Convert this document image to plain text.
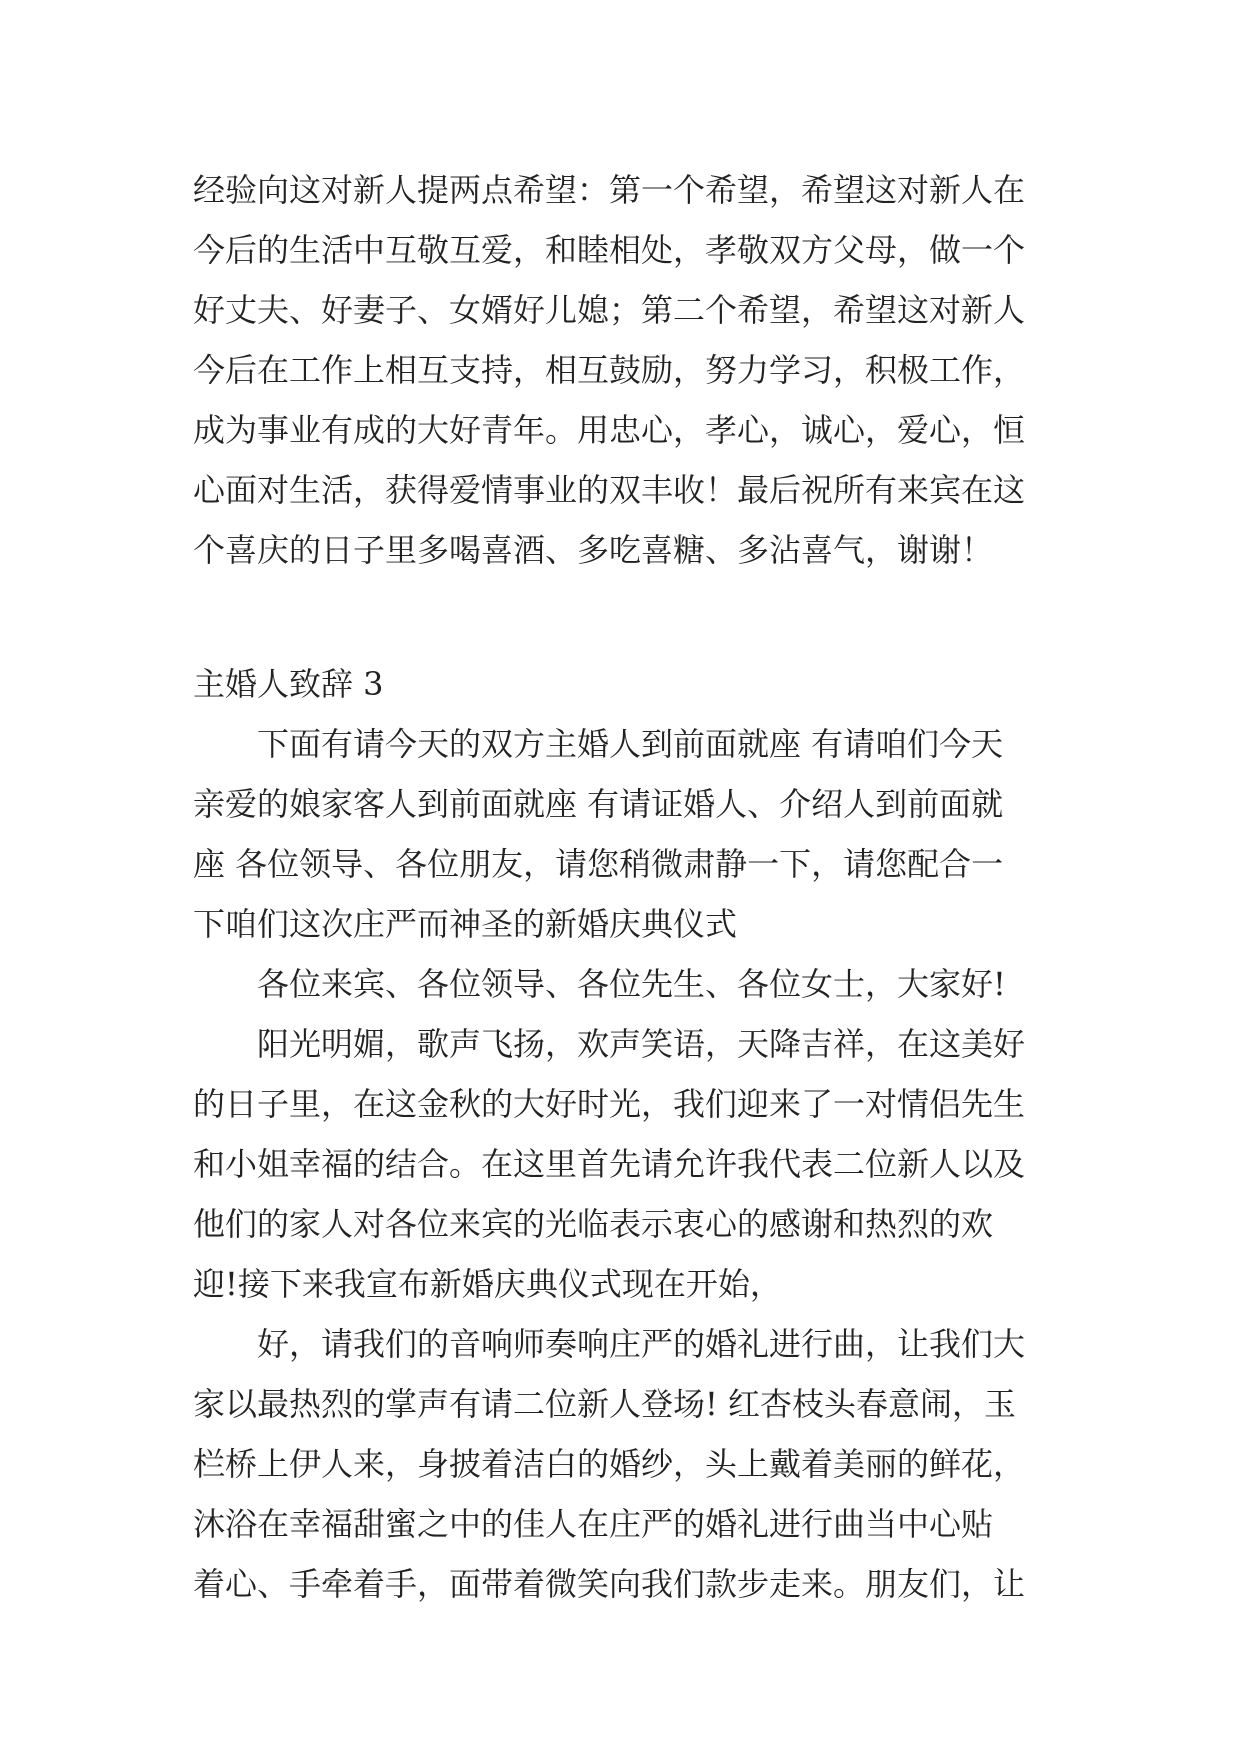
经验向这对新人提两点希望：第一个希望，希望这对新人在

今后的生活中互敬互爱，和睦相处，孝敬双方父母，做一个

好丈夫、好妻子、女婿好儿媳；第二个希望，希望这对新人

今后在工作上相互支持，相互鼓励，努力学习，积极工作，

成为事业有成的大好青年。用忠心，孝心，诚心，爱心，恒

心面对生活，获得爱情事业的双丰收！最后祝所有来宾在这

个喜庆的日子里多喝喜酒、多吃喜糖、多沾喜气，谢谢！

主婚人致辞 3

下面有请今天的双方主婚人到前面就座 有请咱们今天

亲爱的娘家客人到前面就座 有请证婚人、介绍人到前面就

座 各位领导、各位朋友，请您稍微肃静一下，请您配合一

下咱们这次庄严而神圣的新婚庆典仪式

各位来宾、各位领导、各位先生、各位女士，大家好!

阳光明媚，歌声飞扬，欢声笑语，天降吉祥，在这美好

的日子里，在这金秋的大好时光，我们迎来了一对情侣先生

和小姐幸福的结合。在这里首先请允许我代表二位新人以及

他们的家人对各位来宾的光临表示衷心的感谢和热烈的欢

迎!接下来我宣布新婚庆典仪式现在开始，

好，请我们的音响师奏响庄严的婚礼进行曲，让我们大

家以最热烈的掌声有请二位新人登场! 红杏枝头春意闹，玉

栏桥上伊人来，身披着洁白的婚纱，头上戴着美丽的鲜花，

沐浴在幸福甜蜜之中的佳人在庄严的婚礼进行曲当中心贴

着心、手牵着手，面带着微笑向我们款步走来。朋友们，让
